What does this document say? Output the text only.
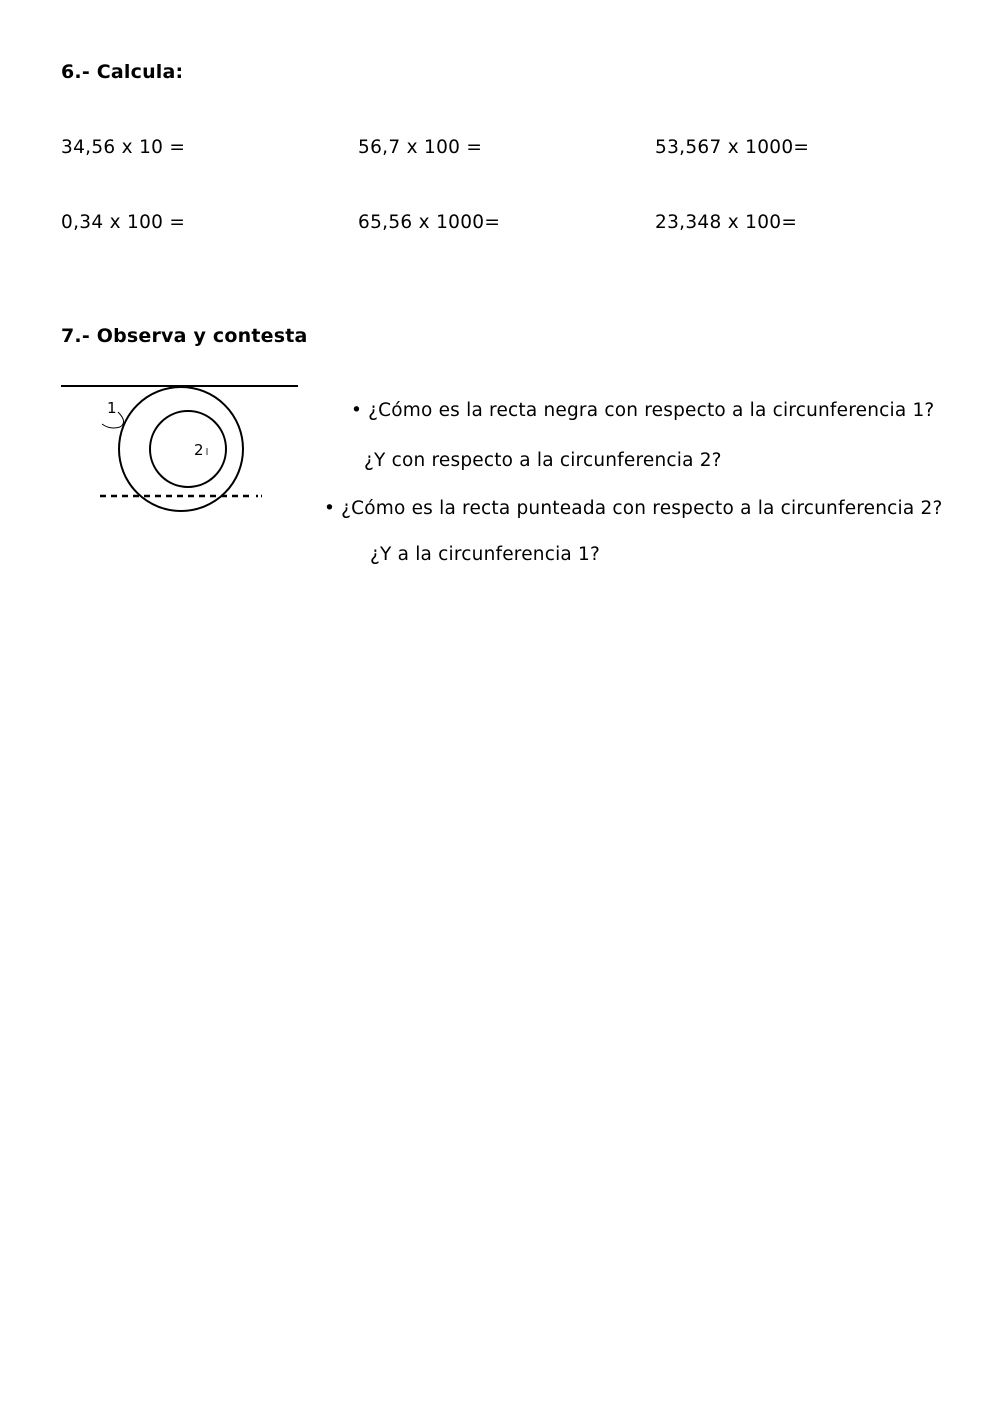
6.- Calcula:
34,56 x 10 =	56,7 x 100 =	53,567 x 1000=
0,34 x 100 =	65,56 x 1000=	23,348 x 100=
7.- Observa y contesta
1
2
• ¿Cómo es la recta negra con respecto a la circunferencia 1?
¿Y con respecto a la circunferencia 2?
• ¿Cómo es la recta punteada con respecto a la circunferencia 2?
¿Y a la circunferencia 1?
